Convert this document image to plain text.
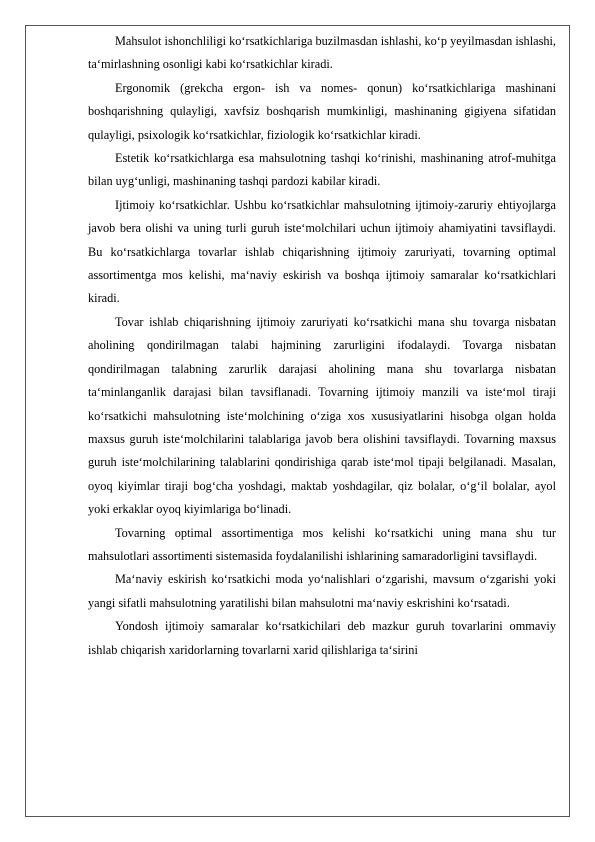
Mahsulot ishonchliligi ko‘rsatkichlariga buzilmasdan ishlashi, ko‘p yeyilmasdan ishlashi, ta‘mirlashning osonligi kabi ko‘rsatkichlar kiradi.

Ergonomik (grekcha ergon- ish va nomes- qonun) ko‘rsatkichlariga mashinani boshqarishning qulayligi, xavfsiz boshqarish mumkinligi, mashinaning gigiyena sifatidan qulayligi, psixologik ko‘rsatkichlar, fiziologik ko‘rsatkichlar kiradi.

Estetik ko‘rsatkichlarga esa mahsulotning tashqi ko‘rinishi, mashinaning atrof-muhitga bilan uyg‘unligi, mashinaning tashqi pardozi kabilar kiradi.

Ijtimoiy ko‘rsatkichlar. Ushbu ko‘rsatkichlar mahsulotning ijtimoiy-zaruriy ehtiyojlarga javob bera olishi va uning turli guruh iste‘molchilari uchun ijtimoiy ahamiyatini tavsiflaydi. Bu ko‘rsatkichlarga tovarlar ishlab chiqarishning ijtimoiy zaruriyati, tovarning optimal assortimentga mos kelishi, ma‘naviy eskirish va boshqa ijtimoiy samaralar ko‘rsatkichlari kiradi.

Tovar ishlab chiqarishning ijtimoiy zaruriyati ko‘rsatkichi mana shu tovarga nisbatan aholining qondirilmagan talabi hajmining zarurligini ifodalaydi. Tovarga nisbatan qondirilmagan talabning zarurlik darajasi aholining mana shu tovarlarga nisbatan ta‘minlanganlik darajasi bilan tavsiflanadi. Tovarning ijtimoiy manzili va iste‘mol tiraji ko‘rsatkichi mahsulotning iste‘molchining o‘ziga xos xususiyatlarini hisobga olgan holda maxsus guruh iste‘molchilarini talablariga javob bera olishini tavsiflaydi. Tovarning maxsus guruh iste‘molchilarining talablarini qondirishiga qarab iste‘mol tipaji belgilanadi. Masalan, oyoq kiyimlar tiraji bog‘cha yoshdagi, maktab yoshdagilar, qiz bolalar, o‘g‘il bolalar, ayol yoki erkaklar oyoq kiyimlariga bo‘linadi.

Tovarning optimal assortimentiga mos kelishi ko‘rsatkichi uning mana shu tur mahsulotlari assortimenti sistemasida foydalanilishi ishlarining samaradorligini tavsiflaydi.

Ma‘naviy eskirish ko‘rsatkichi moda yo‘nalishlari o‘zgarishi, mavsum o‘zgarishi yoki yangi sifatli mahsulotning yaratilishi bilan mahsulotni ma‘naviy eskrishini ko‘rsatadi.

Yondosh ijtimoiy samaralar ko‘rsatkichilari deb mazkur guruh tovarlarini ommaviy ishlab chiqarish xaridorlarning tovarlarni xarid qilishlariga ta‘sirini
